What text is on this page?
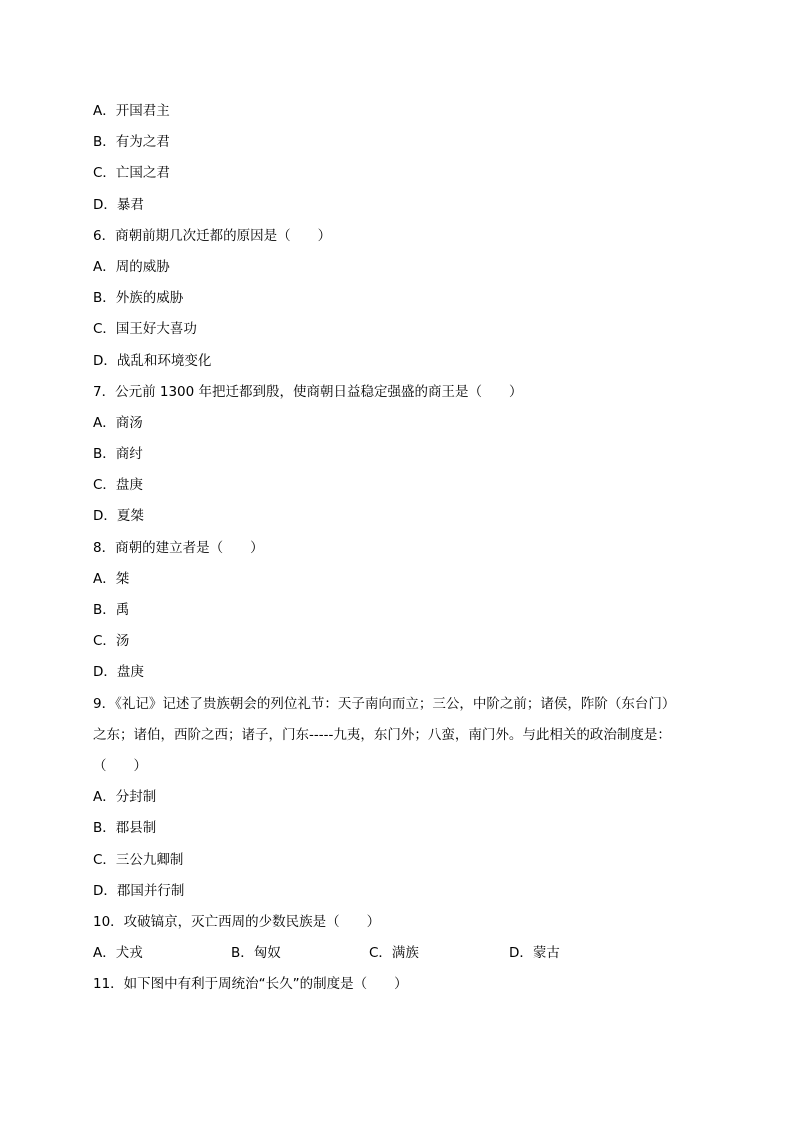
A．开国君主
B．有为之君
C．亡国之君
D．暴君
6．商朝前期几次迁都的原因是（　　）
A．周的威胁
B．外族的威胁
C．国王好大喜功
D．战乱和环境变化
7．公元前 1300 年把迁都到殷，使商朝日益稳定强盛的商王是（　　）
A．商汤
B．商纣
C．盘庚
D．夏桀
8．商朝的建立者是（　　）
A．桀
B．禹
C．汤
D．盘庚
9．《礼记》记述了贵族朝会的列位礼节：天子南向而立；三公，中阶之前；诸侯，阼阶（东台门）
之东；诸伯，西阶之西；诸子，门东-----九夷，东门外；八蛮，南门外。与此相关的政治制度是：
（　　）
A．分封制
B．郡县制
C．三公九卿制
D．郡国并行制
10．攻破镐京，灭亡西周的少数民族是（　　）
A．犬戎	B．匈奴	C．满族	D．蒙古
11．如下图中有利于周统治“长久”的制度是（　　）
